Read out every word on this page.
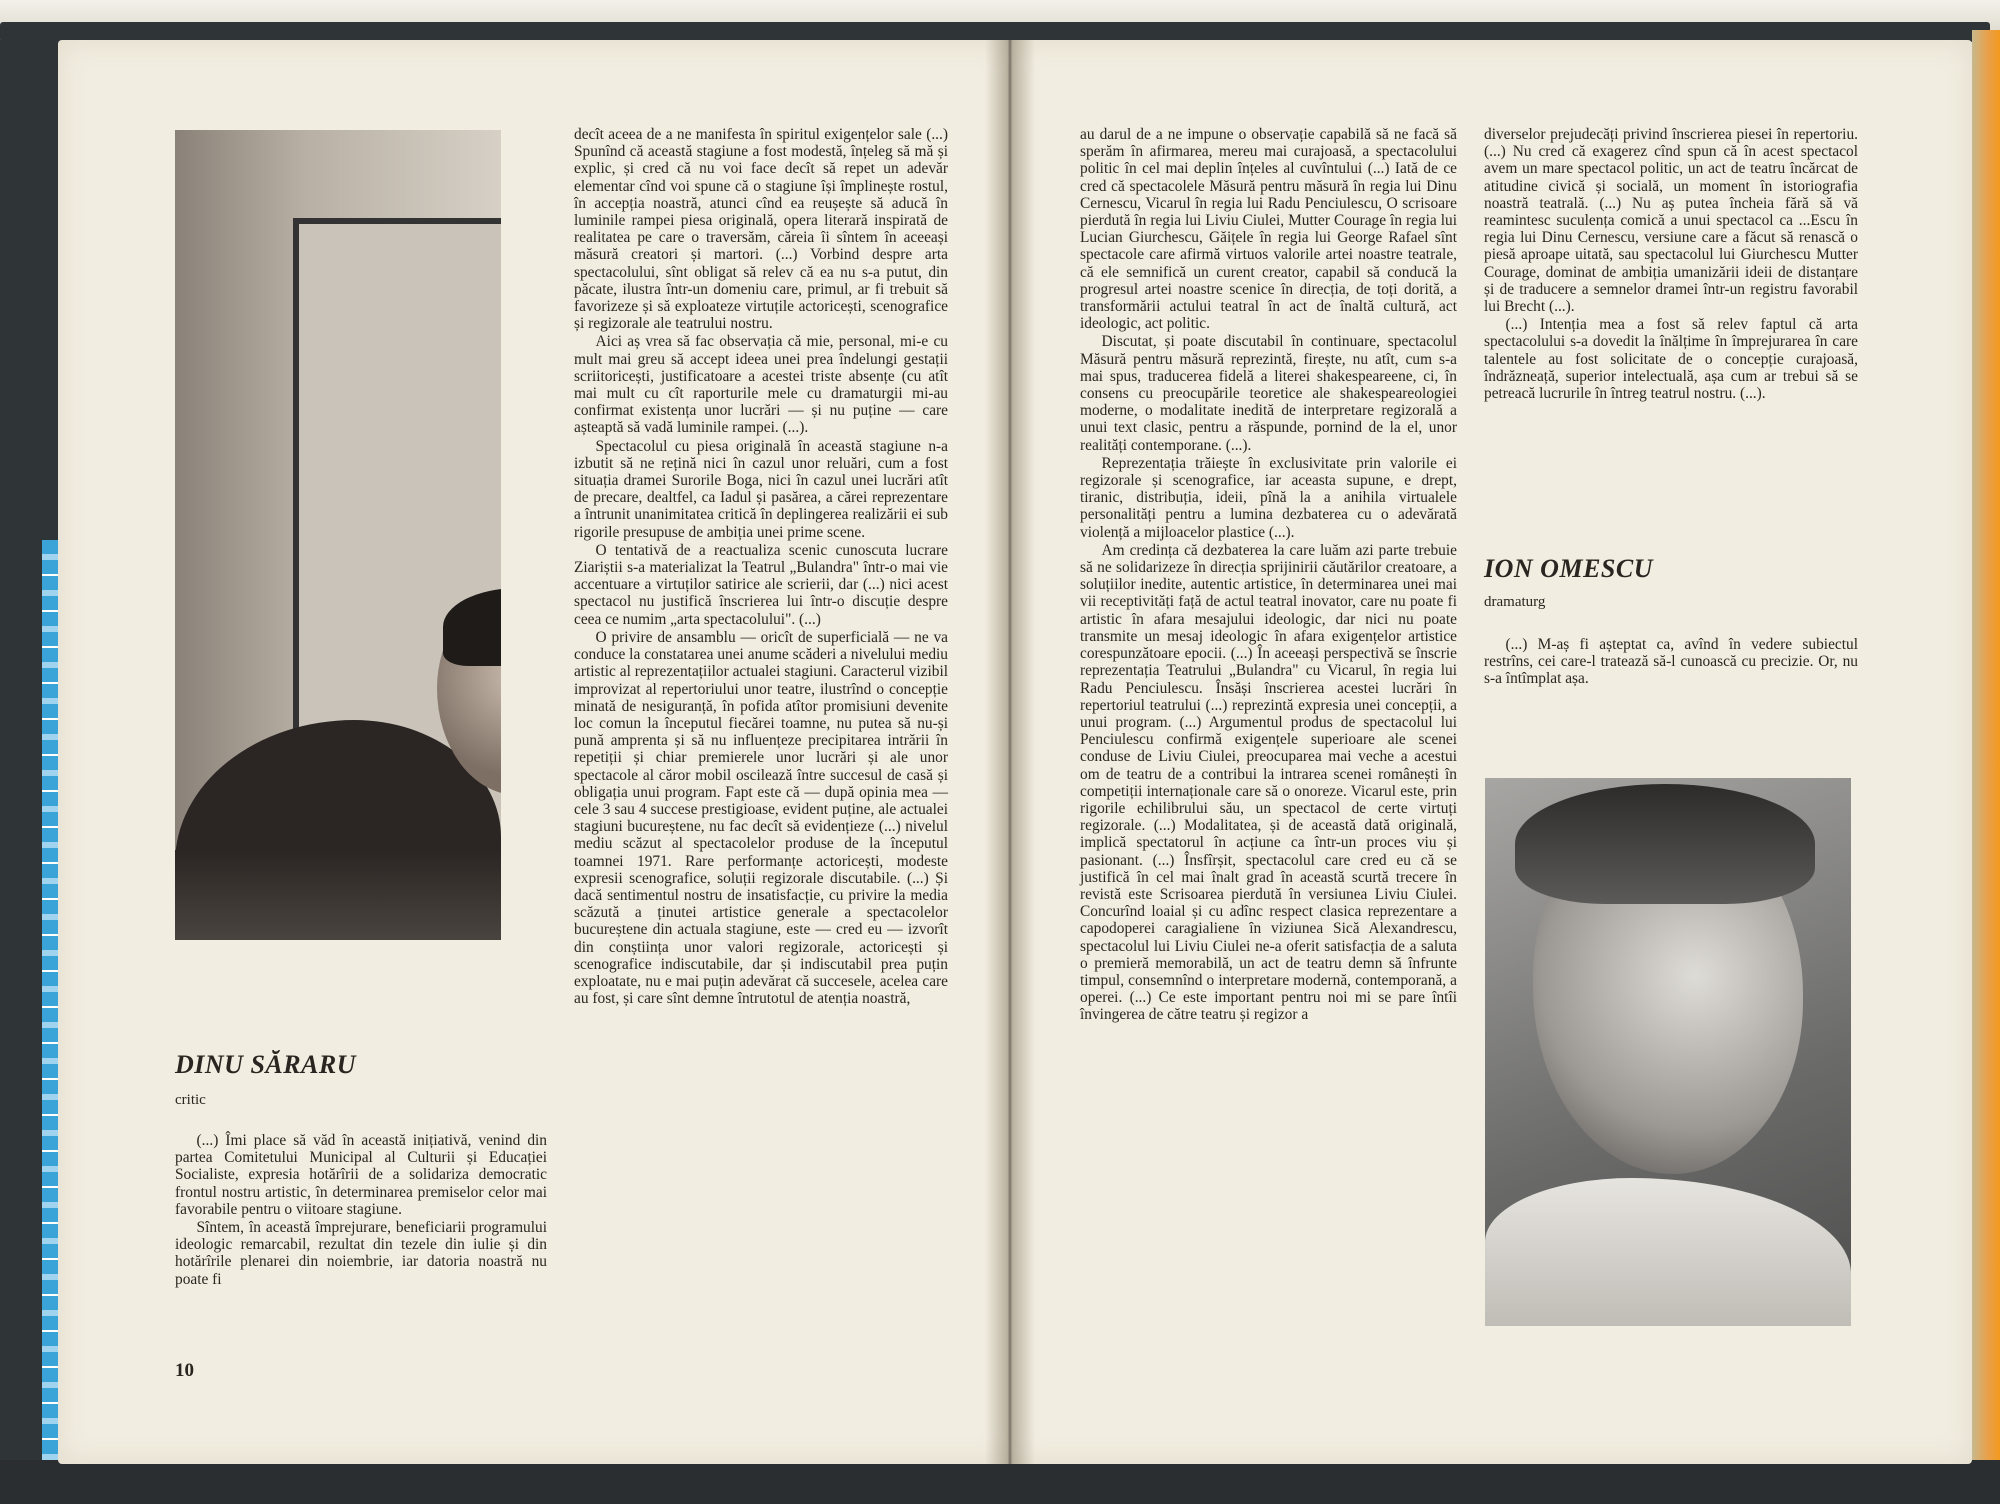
DINU SĂRARU
critic

(...) Îmi place să văd în această inițiativă, venind din partea Comitetului Municipal al Culturii și Educației Socialiste, expresia hotărîrii de a solidariza democratic frontul nostru artistic, în determinarea premiselor celor mai favorabile pentru o viitoare stagiune.

Sîntem, în această împrejurare, beneficiarii programului ideologic remarcabil, rezultat din tezele din iulie și din hotărîrile plenarei din noiembrie, iar datoria noastră nu poate fi

decît aceea de a ne manifesta în spiritul exigențelor sale (...) Spunînd că această stagiune a fost modestă, înțeleg să mă și explic, și cred că nu voi face decît să repet un adevăr elementar cînd voi spune că o stagiune își împlinește rostul, în accepția noastră, atunci cînd ea reușește să aducă în luminile rampei piesa originală, opera literară inspirată de realitatea pe care o traversăm, căreia îi sîntem în aceeași măsură creatori și martori. (...) Vorbind despre arta spectacolului, sînt obligat să relev că ea nu s-a putut, din păcate, ilustra într-un domeniu care, primul, ar fi trebuit să favorizeze și să exploateze virtuțile actoricești, scenografice și regizorale ale teatrului nostru.

Aici aș vrea să fac observația că mie, personal, mi-e cu mult mai greu să accept ideea unei prea îndelungi gestații scriitoricești, justificatoare a acestei triste absențe (cu atît mai mult cu cît raporturile mele cu dramaturgii mi-au confirmat existența unor lucrări — și nu puține — care așteaptă să vadă luminile rampei. (...).

Spectacolul cu piesa originală în această stagiune n-a izbutit să ne rețină nici în cazul unor reluări, cum a fost situația dramei Surorile Boga, nici în cazul unei lucrări atît de precare, dealtfel, ca Iadul și pasărea, a cărei reprezentare a întrunit unanimitatea critică în deplingerea realizării ei sub rigorile presupuse de ambiția unei prime scene.

O tentativă de a reactualiza scenic cunoscuta lucrare Ziariștii s-a materializat la Teatrul „Bulandra" într-o mai vie accentuare a virtuților satirice ale scrierii, dar (...) nici acest spectacol nu justifică înscrierea lui într-o discuție despre ceea ce numim „arta spectacolului". (...)

O privire de ansamblu — oricît de superficială — ne va conduce la constatarea unei anume scăderi a nivelului mediu artistic al reprezentațiilor actualei stagiuni. Caracterul vizibil improvizat al repertoriului unor teatre, ilustrînd o concepție minată de nesiguranță, în pofida atîtor promisiuni devenite loc comun la începutul fiecărei toamne, nu putea să nu-și pună amprenta și să nu influențeze precipitarea intrării în repetiții și chiar premierele unor lucrări și ale unor spectacole al căror mobil oscilează între succesul de casă și obligația unui program. Fapt este că — după opinia mea — cele 3 sau 4 succese prestigioase, evident puține, ale actualei stagiuni bucureștene, nu fac decît să evidențieze (...) nivelul mediu scăzut al spectacolelor produse de la începutul toamnei 1971. Rare performanțe actoricești, modeste expresii scenografice, soluții regizorale discutabile. (...) Și dacă sentimentul nostru de insatisfacție, cu privire la media scăzută a ținutei artistice generale a spectacolelor bucureștene din actuala stagiune, este — cred eu — izvorît din conștiința unor valori regizorale, actoricești și scenografice indiscutabile, dar și indiscutabil prea puțin exploatate, nu e mai puțin adevărat că succesele, acelea care au fost, și care sînt demne întrutotul de atenția noastră,

10

au darul de a ne impune o observație capabilă să ne facă să sperăm în afirmarea, mereu mai curajoasă, a spectacolului politic în cel mai deplin înțeles al cuvîntului (...) Iată de ce cred că spectacolele Măsură pentru măsură în regia lui Dinu Cernescu, Vicarul în regia lui Radu Penciulescu, O scrisoare pierdută în regia lui Liviu Ciulei, Mutter Courage în regia lui Lucian Giurchescu, Găițele în regia lui George Rafael sînt spectacole care afirmă virtuos valorile artei noastre teatrale, că ele semnifică un curent creator, capabil să conducă la progresul artei noastre scenice în direcția, de toți dorită, a transformării actului teatral în act de înaltă cultură, act ideologic, act politic.

Discutat, și poate discutabil în continuare, spectacolul Măsură pentru măsură reprezintă, firește, nu atît, cum s-a mai spus, traducerea fidelă a literei shakespeareene, ci, în consens cu preocupările teoretice ale shakespeareologiei moderne, o modalitate inedită de interpretare regizorală a unui text clasic, pentru a răspunde, pornind de la el, unor realități contemporane. (...).

Reprezentația trăiește în exclusivitate prin valorile ei regizorale și scenografice, iar aceasta supune, e drept, tiranic, distribuția, ideii, pînă la a anihila virtualele personalități pentru a lumina dezbaterea cu o adevărată violență a mijloacelor plastice (...).

Am credința că dezbaterea la care luăm azi parte trebuie să ne solidarizeze în direcția sprijinirii căutărilor creatoare, a soluțiilor inedite, autentic artistice, în determinarea unei mai vii receptivități față de actul teatral inovator, care nu poate fi artistic în afara mesajului ideologic, dar nici nu poate transmite un mesaj ideologic în afara exigențelor artistice corespunzătoare epocii. (...) În aceeași perspectivă se înscrie reprezentația Teatrului „Bulandra" cu Vicarul, în regia lui Radu Penciulescu. Însăși înscrierea acestei lucrări în repertoriul teatrului (...) reprezintă expresia unei concepții, a unui program. (...) Argumentul produs de spectacolul lui Penciulescu confirmă exigențele superioare ale scenei conduse de Liviu Ciulei, preocuparea mai veche a acestui om de teatru de a contribui la intrarea scenei românești în competiții internaționale care să o onoreze. Vicarul este, prin rigorile echilibrului său, un spectacol de certe virtuți regizorale. (...) Modalitatea, și de această dată originală, implică spectatorul în acțiune ca într-un proces viu și pasionant. (...) Însfîrșit, spectacolul care cred eu că se justifică în cel mai înalt grad în această scurtă trecere în revistă este Scrisoarea pierdută în versiunea Liviu Ciulei. Concurînd loaial și cu adînc respect clasica reprezentare a capodoperei caragialiene în viziunea Sică Alexandrescu, spectacolul lui Liviu Ciulei ne-a oferit satisfacția de a saluta o premieră memorabilă, un act de teatru demn să înfrunte timpul, consemnînd o interpretare modernă, contemporană, a operei. (...) Ce este important pentru noi mi se pare întîi învingerea de către teatru și regizor a

diverselor prejudecăți privind înscrierea piesei în repertoriu. (...) Nu cred că exagerez cînd spun că în acest spectacol avem un mare spectacol politic, un act de teatru încărcat de atitudine civică și socială, un moment în istoriografia noastră teatrală. (...) Nu aș putea încheia fără să vă reamintesc suculența comică a unui spectacol ca ...Escu în regia lui Dinu Cernescu, versiune care a făcut să renască o piesă aproape uitată, sau spectacolul lui Giurchescu Mutter Courage, dominat de ambiția umanizării ideii de distanțare și de traducere a semnelor dramei într-un registru favorabil lui Brecht (...).

(...) Intenția mea a fost să relev faptul că arta spectacolului s-a dovedit la înălțime în împrejurarea în care talentele au fost solicitate de o concepție curajoasă, îndrăzneață, superior intelectuală, așa cum ar trebui să se petreacă lucrurile în întreg teatrul nostru. (...).

ION OMESCU
dramaturg

(...) M-aș fi așteptat ca, avînd în vedere subiectul restrîns, cei care-l tratează să-l cunoască cu precizie. Or, nu s-a întîmplat așa.
